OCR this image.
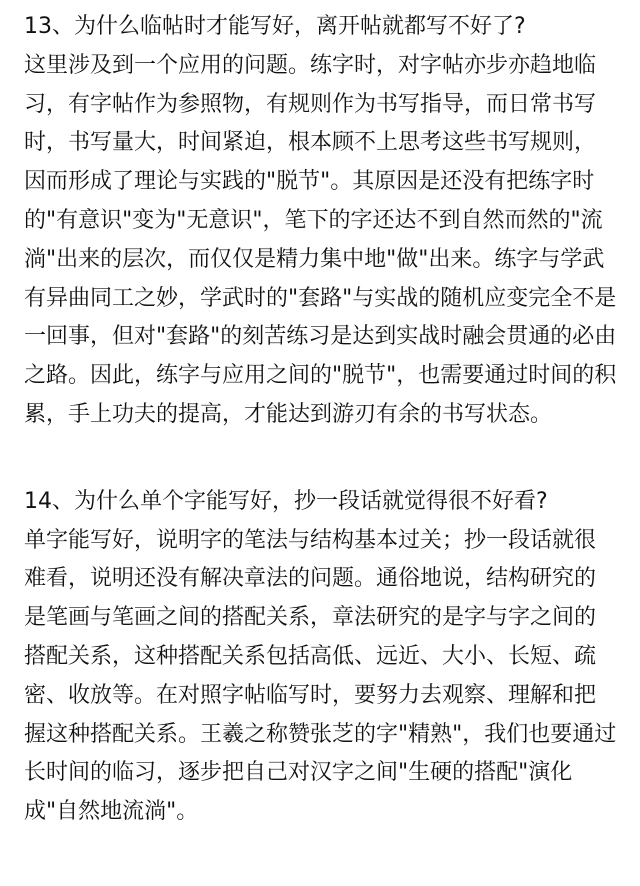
13、为什么临帖时才能写好，离开帖就都写不好了?

这里涉及到一个应用的问题。练字时，对字帖亦步亦趋地临

习，有字帖作为参照物，有规则作为书写指导，而日常书写

时，书写量大，时间紧迫，根本顾不上思考这些书写规则，

因而形成了理论与实践的"脱节"。其原因是还没有把练字时

的"有意识"变为"无意识"，笔下的字还达不到自然而然的"流

淌"出来的层次，而仅仅是精力集中地"做"出来。练字与学武

有异曲同工之妙，学武时的"套路"与实战的随机应变完全不是

一回事，但对"套路"的刻苦练习是达到实战时融会贯通的必由

之路。因此，练字与应用之间的"脱节"，也需要通过时间的积

累，手上功夫的提高，才能达到游刃有余的书写状态。

14、为什么单个字能写好，抄一段话就觉得很不好看?

单字能写好，说明字的笔法与结构基本过关；抄一段话就很

难看，说明还没有解决章法的问题。通俗地说，结构研究的

是笔画与笔画之间的搭配关系，章法研究的是字与字之间的

搭配关系，这种搭配关系包括高低、远近、大小、长短、疏

密、收放等。在对照字帖临写时，要努力去观察、理解和把

握这种搭配关系。王羲之称赞张芝的字"精熟"，我们也要通过

长时间的临习，逐步把自己对汉字之间"生硬的搭配"演化

成"自然地流淌"。
